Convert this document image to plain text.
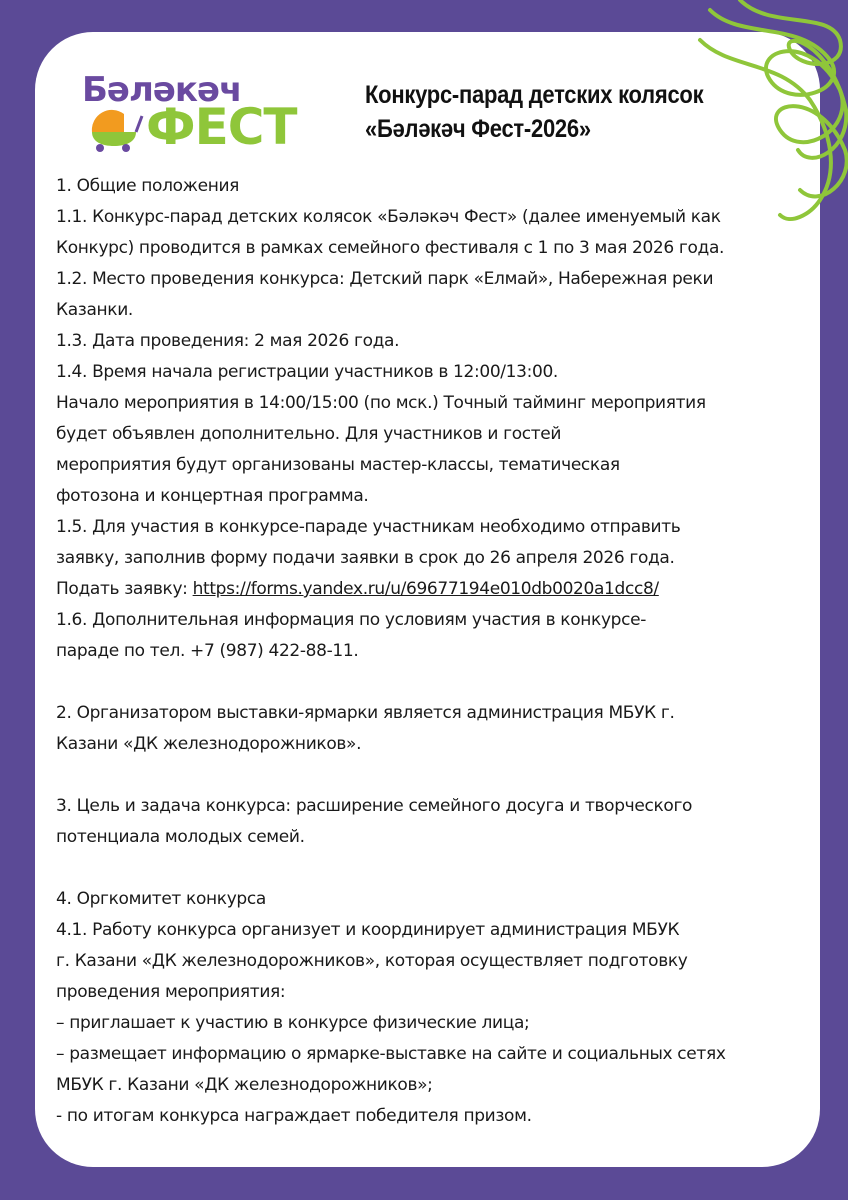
Бәләкәч
ФЕСТ
Конкурс-парад детских колясок
«Бәләкәч Фест-2026»
1. Общие положения
1.1. Конкурс-парад детских колясок «Бәләкәч Фест» (далее именуемый как
Конкурс) проводится в рамках семейного фестиваля с 1 по 3 мая 2026 года.
1.2. Место проведения конкурса: Детский парк «Елмай», Набережная реки
Казанки.
1.3. Дата проведения: 2 мая 2026 года.
1.4. Время начала регистрации участников в 12:00/13:00.
Начало мероприятия в 14:00/15:00 (по мск.) Точный тайминг мероприятия
будет объявлен дополнительно. Для участников и гостей
мероприятия будут организованы мастер-классы, тематическая
фотозона и концертная программа.
1.5. Для участия в конкурсе-параде участникам необходимо отправить
заявку, заполнив форму подачи заявки в срок до 26 апреля 2026 года.
Подать заявку: https://forms.yandex.ru/u/69677194e010db0020a1dcc8/
1.6. Дополнительная информация по условиям участия в конкурсе-
параде по тел. +7 (987) 422-88-11.
2. Организатором выставки-ярмарки является администрация МБУК г.
Казани «ДК железнодорожников».
3. Цель и задача конкурса: расширение семейного досуга и творческого
потенциала молодых семей.
4. Оргкомитет конкурса
4.1. Работу конкурса организует и координирует администрация МБУК
г. Казани «ДК железнодорожников», которая осуществляет подготовку
проведения мероприятия:
– приглашает к участию в конкурсе физические лица;
– размещает информацию о ярмарке-выставке на сайте и социальных сетях
МБУК г. Казани «ДК железнодорожников»;
- по итогам конкурса награждает победителя призом.
